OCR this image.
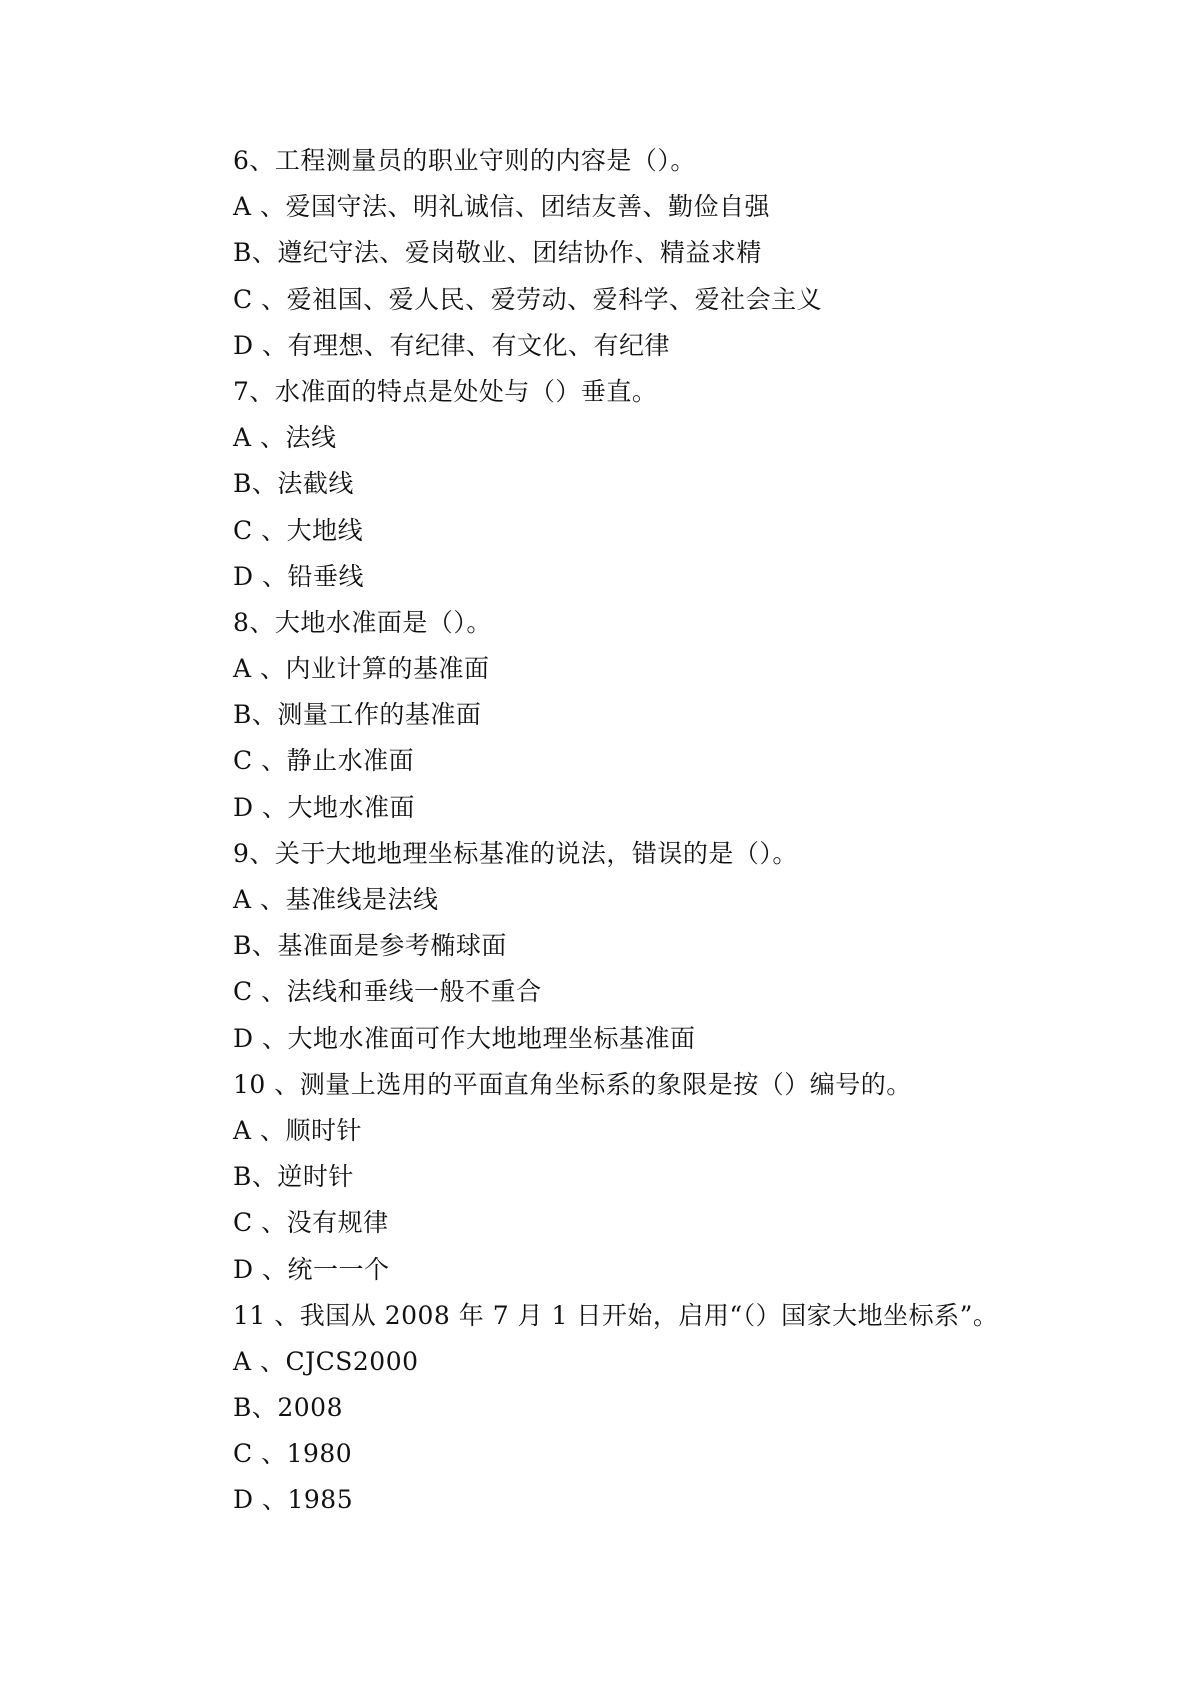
6、工程测量员的职业守则的内容是（）。
A 、爱国守法、明礼诚信、团结友善、勤俭自强
B、遵纪守法、爱岗敬业、团结协作、精益求精
C 、爱祖国、爱人民、爱劳动、爱科学、爱社会主义
D 、有理想、有纪律、有文化、有纪律
7、水准面的特点是处处与（）垂直。
A 、法线
B、法截线
C 、大地线
D 、铅垂线
8、大地水准面是（）。
A 、内业计算的基准面
B、测量工作的基准面
C 、静止水准面
D 、大地水准面
9、关于大地地理坐标基准的说法，错误的是（）。
A 、基准线是法线
B、基准面是参考椭球面
C 、法线和垂线一般不重合
D 、大地水准面可作大地地理坐标基准面
10 、测量上选用的平面直角坐标系的象限是按（）编号的。
A 、顺时针
B、逆时针
C 、没有规律
D 、统一一个
11 、我国从 2008 年 7 月 1 日开始，启用“（）国家大地坐标系”。
A 、CJCS2000
B、2008
C 、1980
D 、1985
